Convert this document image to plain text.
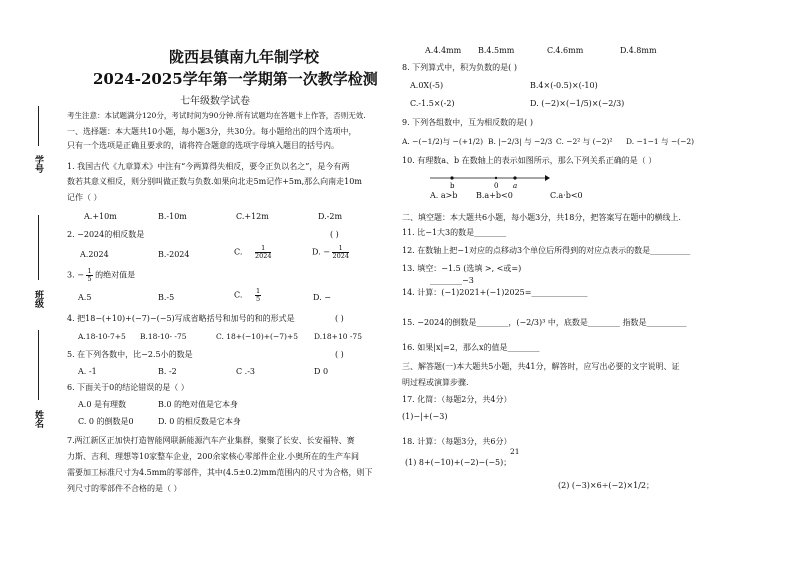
陇西县镇南九年制学校
2024-2025学年第一学期第一次教学检测
七年级数学试卷
学号
班级
姓名
考生注意：本试题满分120分，考试时间为90分钟.所有试题均在答题卡上作答，否则无效.
一、选择题：本大题共10小题，每小题3分，共30分。每小题给出的四个选项中，
只有一个选项是正确且要求的，请将符合题意的选项字母填入题目的括号内。
1. 我国古代《九章算术》中注有“今两算得失相反，要令正负以名之”，是今有两
数若其意义相反，则分别叫做正数与负数.如果向北走5m记作+5m,那么向南走10m
记作（ ）
A.+10m	B.-10m	C.+12m	D.-2m
2. −2024的相反数是	( )
A.2024	B.-2024	C. $\frac{1}{2024}$	D. − $\frac{1}{2024}$
3. − $\frac{1}{5}$ 的绝对值是
A.5	B.-5	C. $\frac{1}{5}$	D. −
4. 把18−(+10)+(−7)−(−5)写成省略括号和加号的和的形式是	( )
A.18-10-7+5 B.18-10- -75	C. 18+(−10)+(−7)+5 D.18+10 -75
5. 在下列各数中，比−2.5小的数是	( )
A. -1	B. -2	C .-3	D 0
6. 下面关于0的结论错误的是（ ）
A.0 是有理数	B.0 的绝对值是它本身
C. 0 的倒数是0	D. 0 的相反数是它本身
7.两江新区正加快打造智能网联新能源汽车产业集群，聚聚了长安、长安福特、赛
力斯、吉利、理想等10家整车企业，200余家核心零部件企业.小奥所在的生产车间
需要加工标准尺寸为4.5mm的零部件，其中(4.5±0.2)mm范围内的尺寸为合格，则下
列尺寸的零部件不合格的是（ ）
A.4.4mm B.4.5mm	C.4.6mm	D.4.8mm
8. 下列算式中，积为负数的是( )
A.0X(-5)	B.4×(-0.5)×(-10)
C.-1.5×(-2)	D. (−2)×(−1/5)×(−2/3)
9. 下列各组数中，互为相反数的是( )
A. −(−1/2)与 −(+1/2) B. |−2/3| 与 −2/3 C. −2² 与 (−2)² D. −1−1 与 −(−2)
10. 有理数a、b 在数轴上的表示如图所示，那么下列关系正确的是（ ）
b	0 a
A. a>b B.a+b<0	C.a·b<0
二、填空题：本大题共6小题，每小题3分，共18分，把答案写在题中的横线上.
11. 比−1大3的数是________
12. 在数轴上把−1对应的点移动3个单位后所得到的对应点表示的数是__________
13. 填空：−1.5 (选填 >, <或=)
________−3
14. 计算：(−1)2021+(−1)2025=______________
15. −2024的倒数是________，(−2/3)³ 中，底数是________ 指数是__________
16. 如果|x|=2，那么x的值是________
三、解答题(一)本大题共5小题，共41分，解答时，应写出必要的文字说明、证
明过程或演算步骤.
17. 化简：（每题2分，共4分）
(1)−|+(−3)
18. 计算：（每题3分，共6分）
21
(1) 8+(−10)+(−2)−(−5)；
(2) (−3)×6÷(−2)×1/2；
